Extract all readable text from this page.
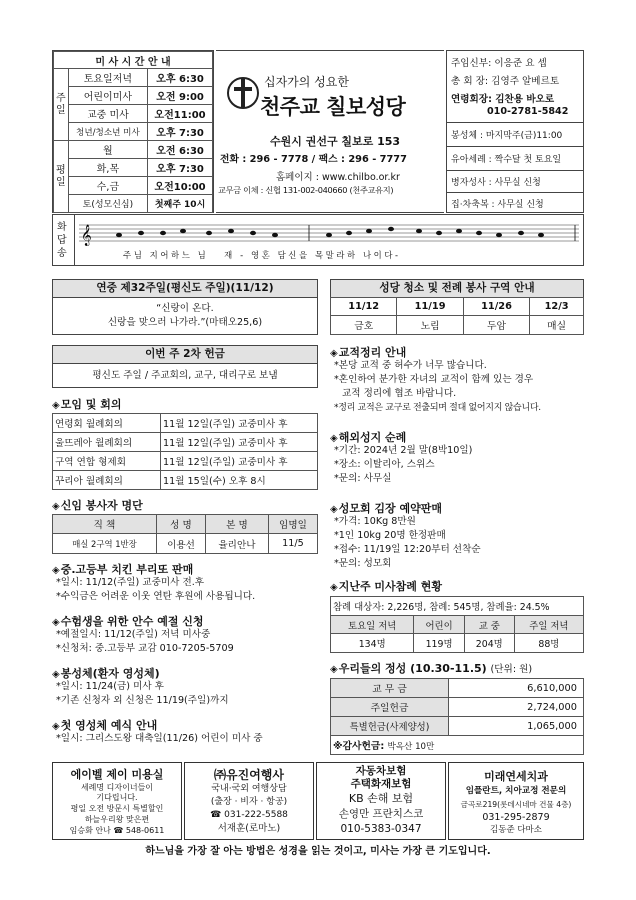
미 사 시 간 안 내		
주일	토요일저녁	오후 6:30
	어린이미사	오전 9:00
	교중 미사	오전11:00
	청년/청소년 미사	오후 7:30
평일	월	오전 6:30
	화,목	오후 7:30
	수,금	오전10:00
	토(성모신심)	첫째주 10시
십자가의 성요한
천주교 칠보성당
수원시 권선구 칠보로 153
전화 : 296 - 7778 / 팩스 : 296 - 7777
홈페이지 : www.chilbo.or.kr
교무금 이체 : 신협 131-002-040660 (천주교유지)
주임신부: 이응준 요 셉
총 회 장: 김영주 알베르토
연령회장: 김찬용 바오로
010-2781-5842
봉성체 : 마지막주(금)11:00
유아세례 : 짝수달 첫 토요일
병자성사 : 사무실 신청
집·차축복 : 사무실 신청
화답송
𝄞
주님 지어하느 님   재 - 영혼 담신을 목말라하 나이다-
연중 제32주일(평신도 주일)(11/12)
“신랑이 온다.
신랑을 맞으러 나가라.”(마태오25,6)
이번 주 2차 헌금
평신도 주일 / 주교회의, 교구, 대리구로 보냄
◈모임 및 회의
연령회 월례회의	11월 12일(주일) 교중미사 후
울뜨레아 월례회의	11월 12일(주일) 교중미사 후
구역 연합 형제회	11월 12일(주일) 교중미사 후
꾸리아 월례회의	11월 15일(수) 오후 8시
◈신임 봉사자 명단
직 책	성 명	본 명	임명일
매실 2구역 1반장	이용선	율리안나	11/5
◈중.고등부 치킨 부리또 판매
*일시: 11/12(주일) 교중미사 전.후
*수익금은 어려운 이웃 연탄 후원에 사용됩니다.
◈수험생을 위한 안수 예절 신청
*예절일시: 11/12(주일) 저녁 미사중
*신청처: 중.고등부 교감 010-7205-5709
◈봉성체(환자 영성체)
*일시: 11/24(금) 미사 후
*기존 신청자 외 신청은 11/19(주일)까지
◈첫 영성체 예식 안내
*일시: 그리스도왕 대축일(11/26) 어린이 미사 중
성당 청소 및 전례 봉사 구역 안내
11/12	11/19	11/26	12/3
금호	노림	두암	매실
◈교적정리 안내
*본당 교적 중 허수가 너무 많습니다.
*혼인하여 분가한 자녀의 교적이 함께 있는 경우
교적 정리에 협조 바랍니다.
*정리 교적은 교구로 전출되며 절대 없어지지 않습니다.
◈해외성지 순례
*기간: 2024년 2월 말(8박10일)
*장소: 이탈리아, 스위스
*문의: 사무실
◈성모회 김장 예약판매
*가격: 10Kg 8만원
*1인 10kg 20명 한정판매
*접수: 11/19일 12:20부터 선착순
*문의: 성모회
◈지난주 미사참례 현황
참례 대상자: 2,226명, 참례: 545명, 참례율: 24.5%			
토요일 저녁	어린이	교 중	주일 저녁
134명	119명	204명	88명
◈우리들의 정성 (10.30-11.5) (단위: 원)
교 무 금	6,610,000
주일헌금	2,724,000
특별헌금(사제양성)	1,065,000
※감사헌금: 박옥산 10만	
에이벨 제이 미용실
세례명 디자이너들이
기다립니다.
평일 오전 방문시 특별할인
하늘우리왕 맞은편
임승화 안나 ☎ 548-0611
㈜유진여행사
국내·국외 여행상담
(출장 · 비자 · 항공)
☎ 031-222-5588
서재훈(로마노)
자동차보험
주택화재보험
KB 손해 보험
손영만 프란치스코
010-5383-0347
미래연세치과
임플란트, 치아교정 전문의
금곡로219(롯데시네마 건물 4층)
031-295-2879
김동준 다마소
하느님을 가장 잘 아는 방법은 성경을 읽는 것이고, 미사는 가장 큰 기도입니다.
